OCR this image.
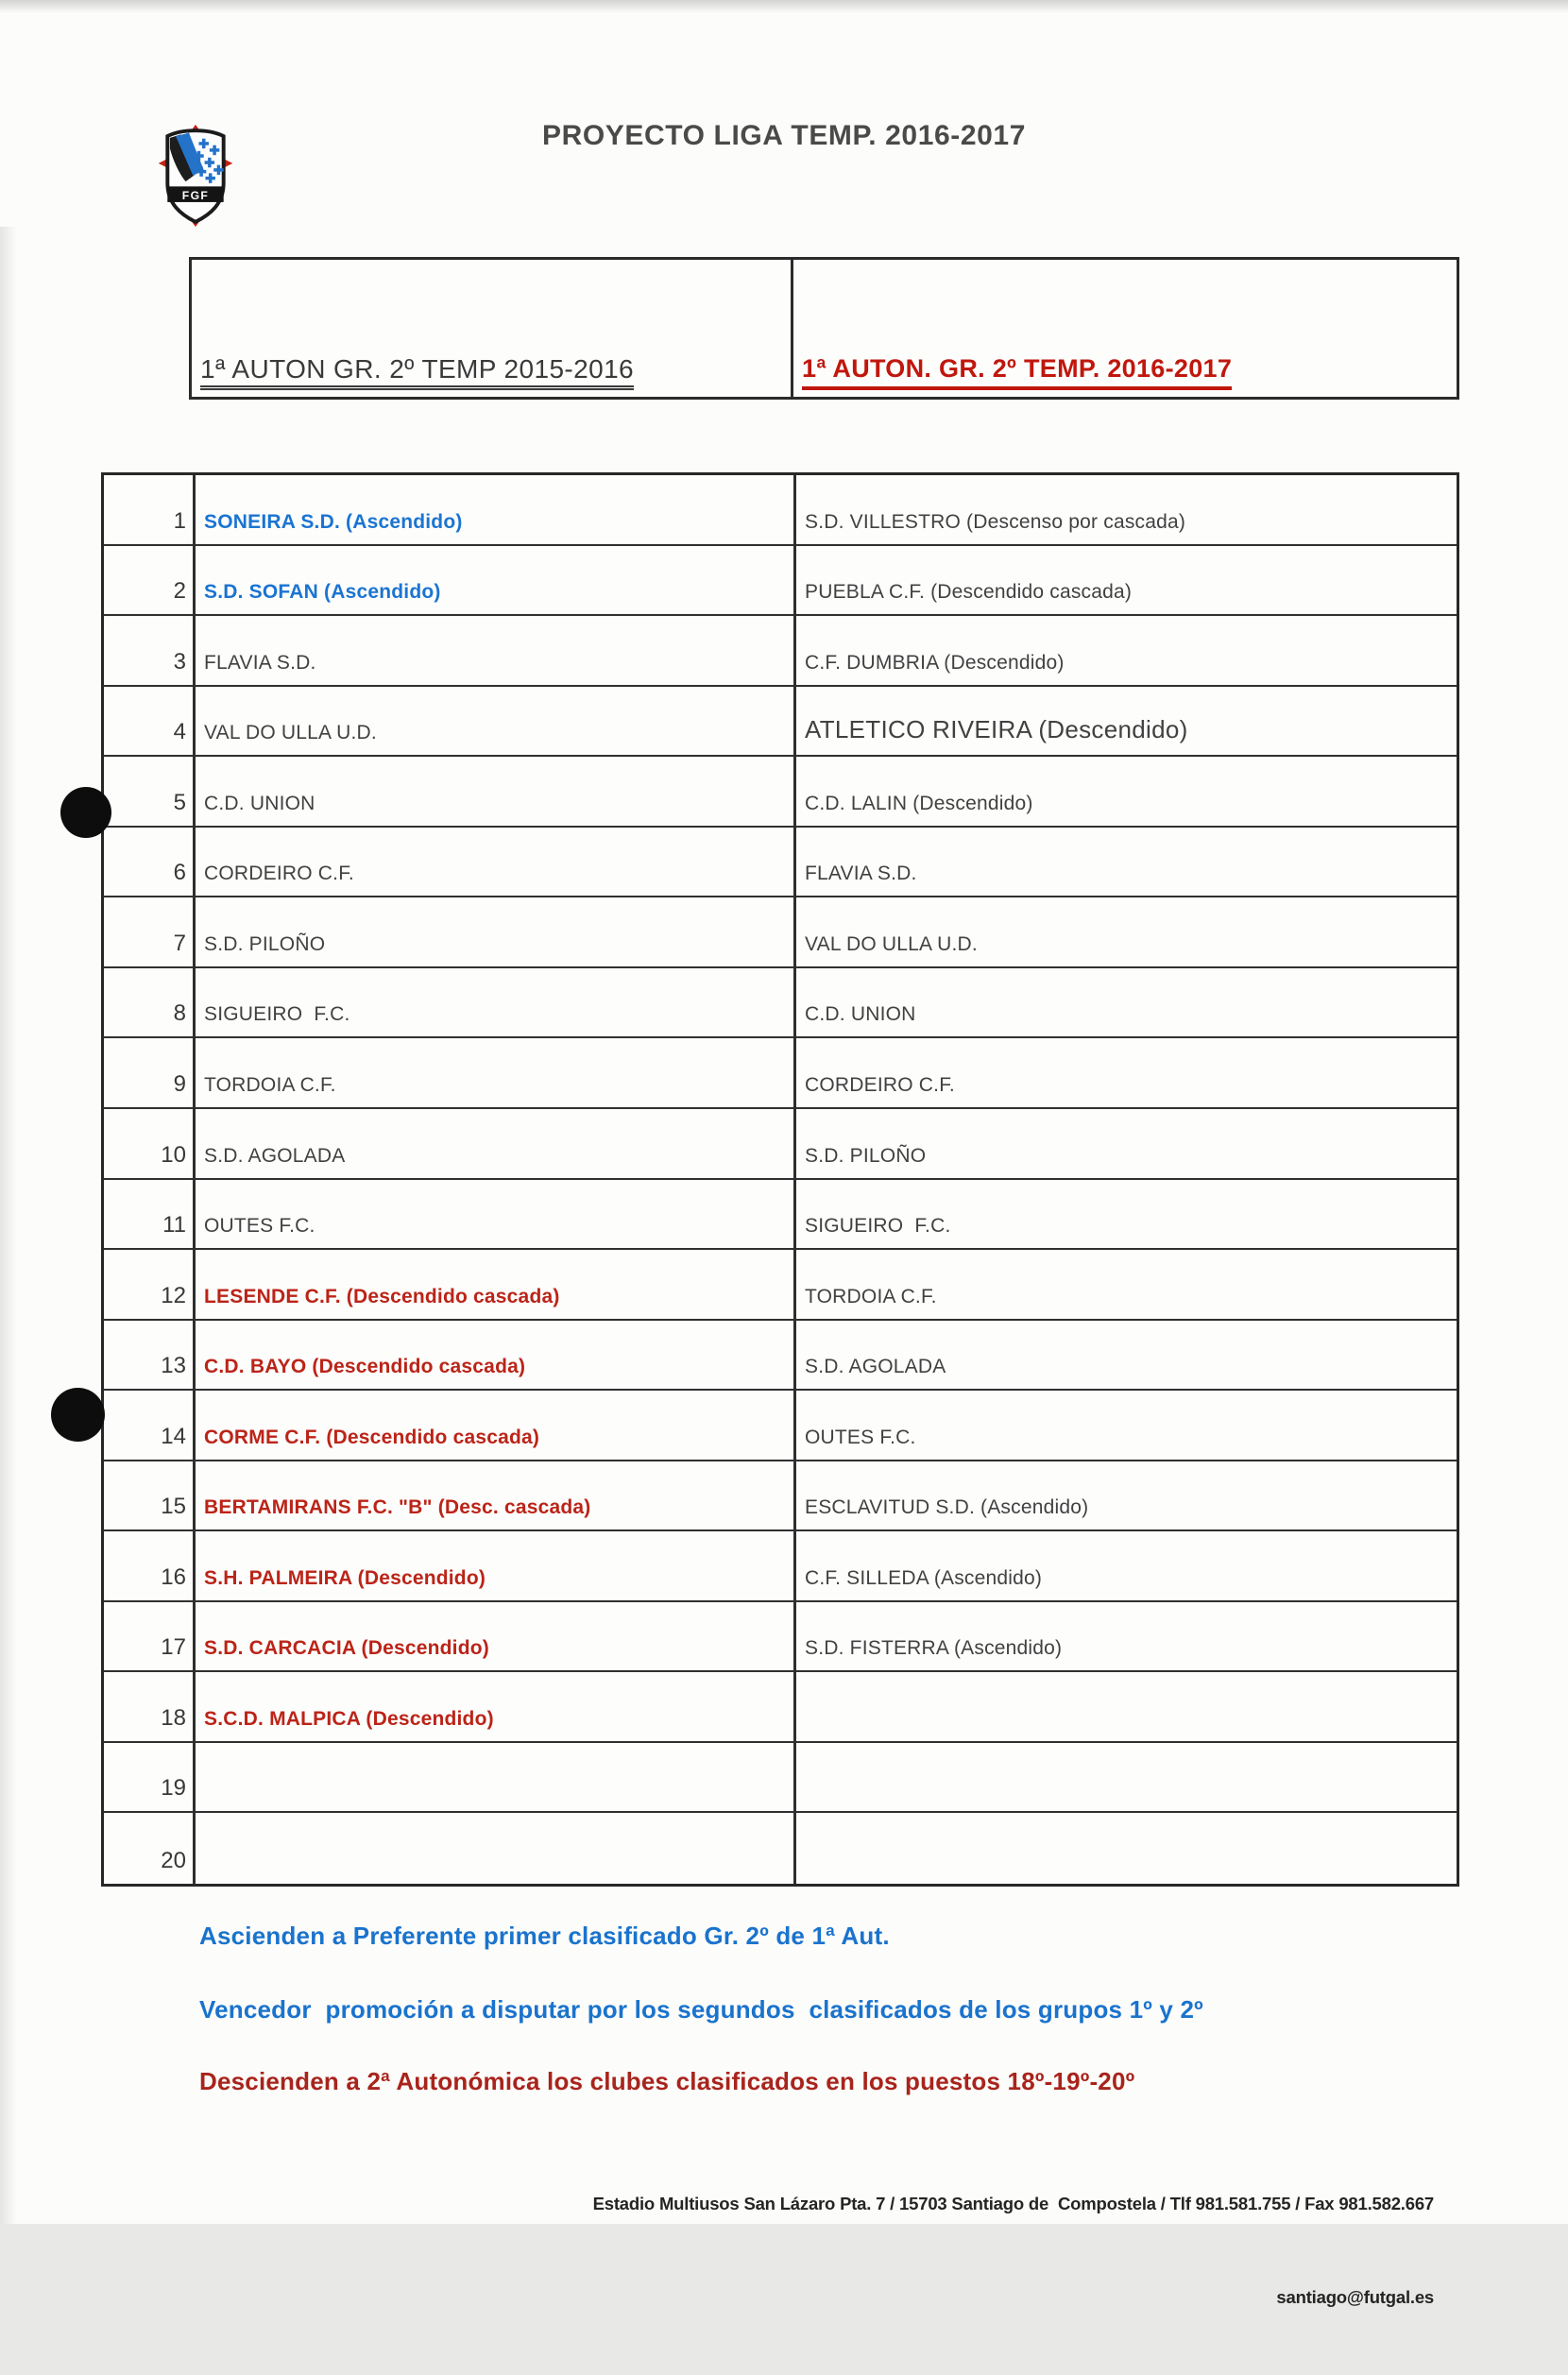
FGF
PROYECTO LIGA TEMP. 2016-2017
1ª AUTON GR. 2º TEMP 2015-2016	1ª AUTON. GR. 2º TEMP. 2016-2017
1 SONEIRA S.D. (Ascendido)	S.D. VILLESTRO (Descenso por cascada)
2 S.D. SOFAN (Ascendido)	PUEBLA C.F. (Descendido cascada)
3 FLAVIA S.D.	C.F. DUMBRIA (Descendido)
4 VAL DO ULLA U.D.	ATLETICO RIVEIRA (Descendido)
5 C.D. UNION	C.D. LALIN (Descendido)
6 CORDEIRO C.F.	FLAVIA S.D.
7 S.D. PILOÑO	VAL DO ULLA U.D.
8 SIGUEIRO  F.C.	C.D. UNION
9 TORDOIA C.F.	CORDEIRO C.F.
10 S.D. AGOLADA	S.D. PILOÑO
11 OUTES F.C.	SIGUEIRO  F.C.
12 LESENDE C.F. (Descendido cascada)	TORDOIA C.F.
13 C.D. BAYO (Descendido cascada)	S.D. AGOLADA
14 CORME C.F. (Descendido cascada)	OUTES F.C.
15 BERTAMIRANS F.C. "B" (Desc. cascada)	ESCLAVITUD S.D. (Ascendido)
16 S.H. PALMEIRA (Descendido)	C.F. SILLEDA (Ascendido)
17 S.D. CARCACIA (Descendido)	S.D. FISTERRA (Ascendido)
18 S.C.D. MALPICA (Descendido)
19
20
Ascienden a Preferente primer clasificado Gr. 2º de 1ª Aut.
Vencedor  promoción a disputar por los segundos  clasificados de los grupos 1º y 2º
Descienden a 2ª Autonómica los clubes clasificados en los puestos 18º-19º-20º

Estadio Multiusos San Lázaro Pta. 7 / 15703 Santiago de  Compostela / Tlf 981.581.755 / Fax 981.582.667

santiago@futgal.es
